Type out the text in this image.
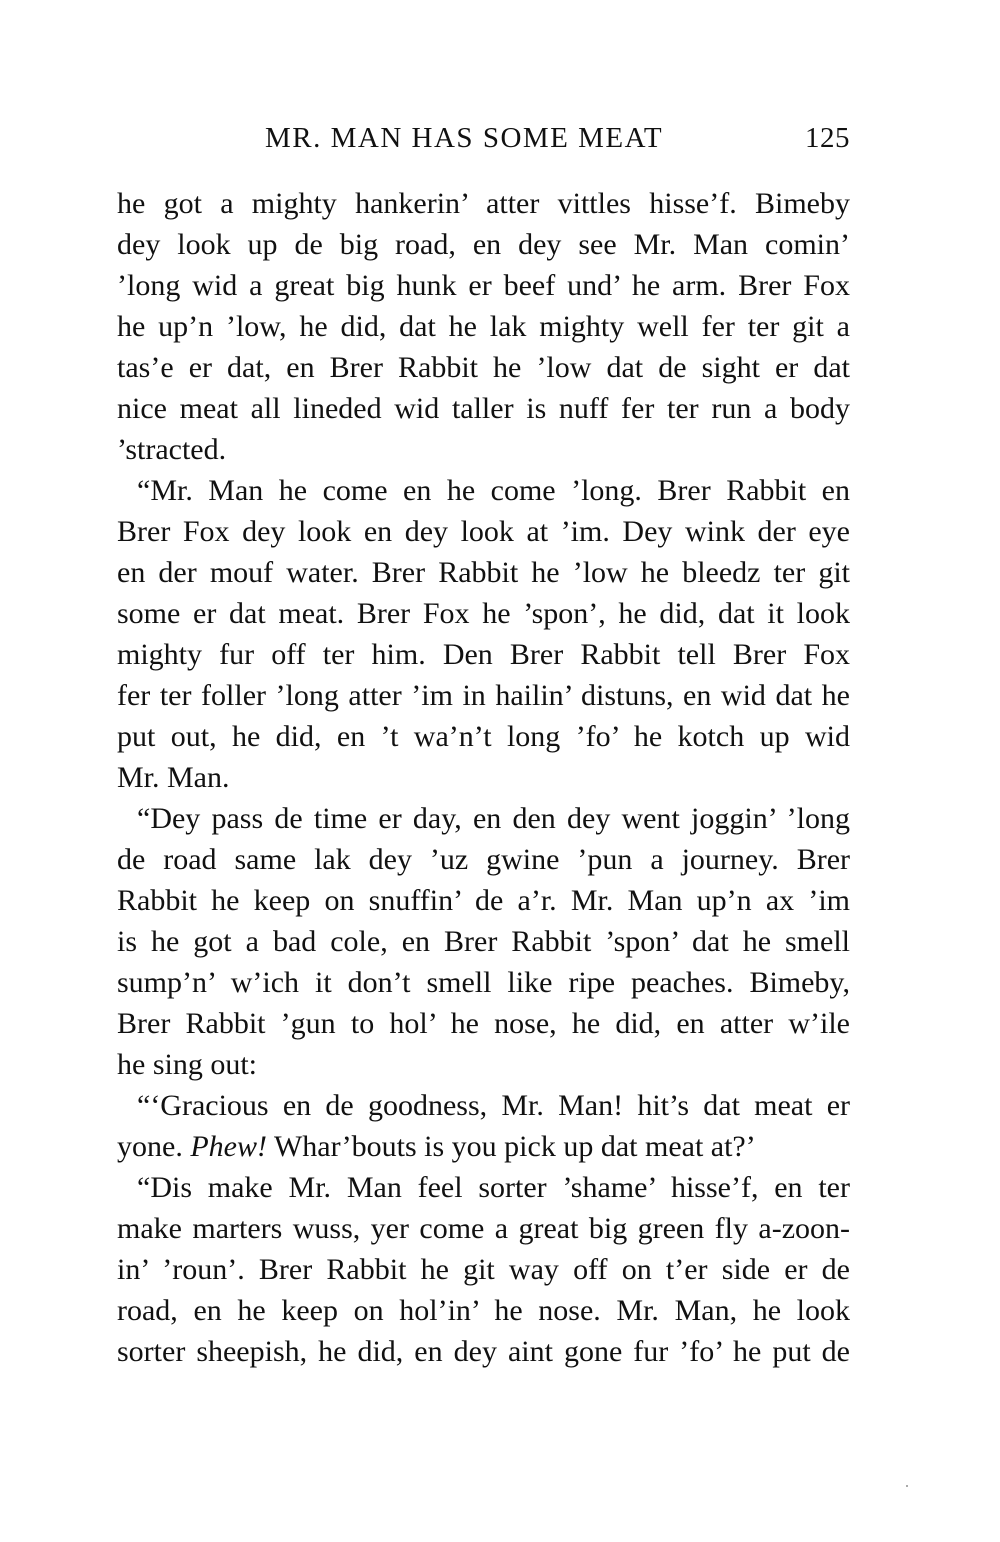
MR. MAN HAS SOME MEAT	125
he got a mighty hankerin’ atter vittles hisse’f. Bimeby
dey look up de big road, en dey see Mr. Man comin’
’long wid a great big hunk er beef und’ he arm. Brer Fox
he up’n ’low, he did, dat he lak mighty well fer ter git a
tas’e er dat, en Brer Rabbit he ’low dat de sight er dat
nice meat all lineded wid taller is nuff fer ter run a body
’stracted.
“Mr. Man he come en he come ’long. Brer Rabbit en
Brer Fox dey look en dey look at ’im. Dey wink der eye
en der mouf water. Brer Rabbit he ’low he bleedz ter git
some er dat meat. Brer Fox he ’spon’, he did, dat it look
mighty fur off ter him. Den Brer Rabbit tell Brer Fox
fer ter foller ’long atter ’im in hailin’ distuns, en wid dat he
put out, he did, en ’t wa’n’t long ’fo’ he kotch up wid
Mr. Man.
“Dey pass de time er day, en den dey went joggin’ ’long
de road same lak dey ’uz gwine ’pun a journey. Brer
Rabbit he keep on snuffin’ de a’r. Mr. Man up’n ax ’im
is he got a bad cole, en Brer Rabbit ’spon’ dat he smell
sump’n’ w’ich it don’t smell like ripe peaches. Bimeby,
Brer Rabbit ’gun to hol’ he nose, he did, en atter w’ile
he sing out:
“‘Gracious en de goodness, Mr. Man! hit’s dat meat er
yone. Phew! Whar’bouts is you pick up dat meat at?’
“Dis make Mr. Man feel sorter ’shame’ hisse’f, en ter
make marters wuss, yer come a great big green fly a-zoon-
in’ ’roun’. Brer Rabbit he git way off on t’er side er de
road, en he keep on hol’in’ he nose. Mr. Man, he look
sorter sheepish, he did, en dey aint gone fur ’fo’ he put de
